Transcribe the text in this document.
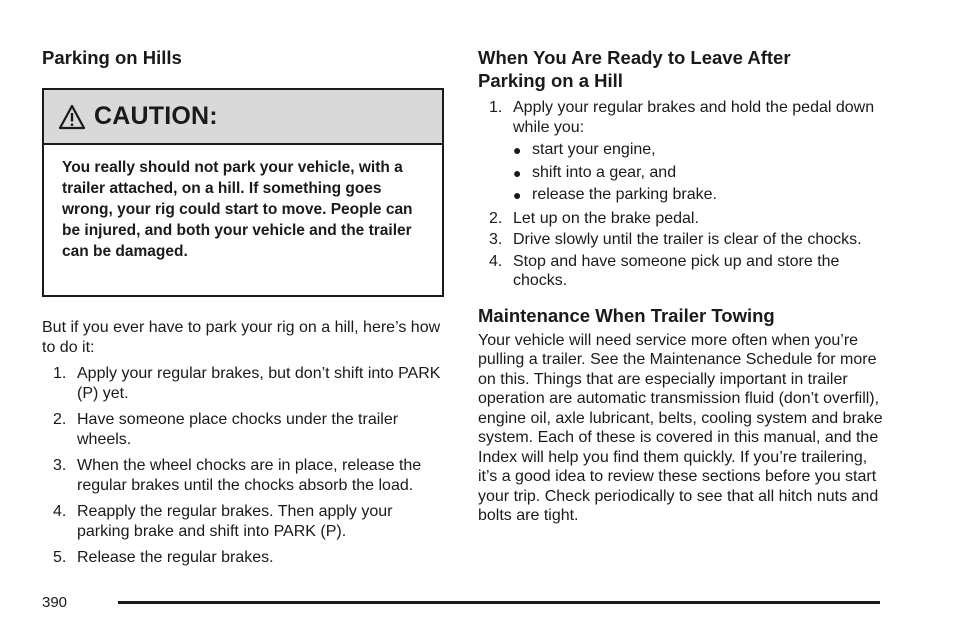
Parking on Hills
CAUTION:
You really should not park your vehicle, with a trailer attached, on a hill. If something goes wrong, your rig could start to move. People can be injured, and both your vehicle and the trailer can be damaged.

But if you ever have to park your rig on a hill, here’s how to do it:

1. Apply your regular brakes, but don’t shift into PARK (P) yet.
2. Have someone place chocks under the trailer wheels.
3. When the wheel chocks are in place, release the regular brakes until the chocks absorb the load.
4. Reapply the regular brakes. Then apply your parking brake and shift into PARK (P).
5. Release the regular brakes.
When You Are Ready to Leave After Parking on a Hill
1. Apply your regular brakes and hold the pedal down while you:
● start your engine,
● shift into a gear, and
● release the parking brake.
2. Let up on the brake pedal.
3. Drive slowly until the trailer is clear of the chocks.
4. Stop and have someone pick up and store the chocks.
Maintenance When Trailer Towing

Your vehicle will need service more often when you’re pulling a trailer. See the Maintenance Schedule for more on this. Things that are especially important in trailer operation are automatic transmission fluid (don’t overfill), engine oil, axle lubricant, belts, cooling system and brake system. Each of these is covered in this manual, and the Index will help you find them quickly. If you’re trailering, it’s a good idea to review these sections before you start your trip. Check periodically to see that all hitch nuts and bolts are tight.

390
